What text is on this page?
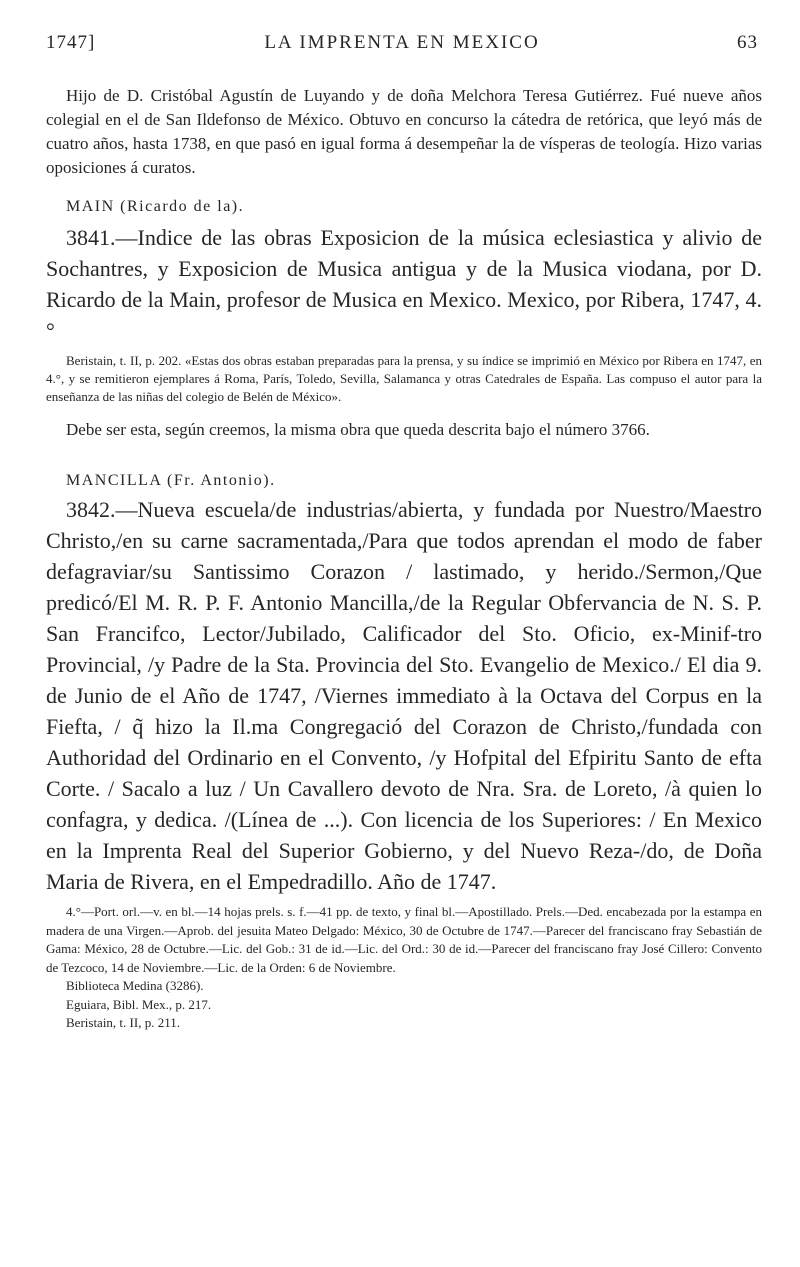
1747]	LA IMPRENTA EN MEXICO	63

Hijo de D. Cristóbal Agustín de Luyando y de doña Melchora Teresa Gutiérrez. Fué nueve años colegial en el de San Ildefonso de México. Obtuvo en concurso la cátedra de retórica, que leyó más de cuatro años, hasta 1738, en que pasó en igual forma á desempeñar la de vísperas de teología. Hizo varias oposiciones á curatos.

MAIN (Ricardo de la).

3841.—Indice de las obras Exposicion de la música eclesiastica y alivio de Sochantres, y Exposicion de Musica antigua y de la Musica viodana, por D. Ricardo de la Main, profesor de Musica en Mexico. Mexico, por Ribera, 1747, 4.°

Beristain, t. II, p. 202. «Estas dos obras estaban preparadas para la prensa, y su índice se imprimió en México por Ribera en 1747, en 4.°, y se remitieron ejemplares á Roma, París, Toledo, Sevilla, Salamanca y otras Catedrales de España. Las compuso el autor para la enseñanza de las niñas del colegio de Belén de México».

Debe ser esta, según creemos, la misma obra que queda descrita bajo el número 3766.

MANCILLA (Fr. Antonio).

3842.—Nueva escuela/de industrias/abierta, y fundada por Nuestro/Maestro Christo,/en su carne sacramentada,/Para que todos aprendan el modo de faber defagraviar/su Santissimo Corazon / lastimado, y herido./Sermon,/Que predicó/El M. R. P. F. Antonio Mancilla,/de la Regular Obfervancia de N. S. P. San Francifco, Lector/Jubilado, Calificador del Sto. Oficio, ex-Minif-tro Provincial, /y Padre de la Sta. Provincia del Sto. Evangelio de Mexico./ El dia 9. de Junio de el Año de 1747, /Viernes immediato à la Octava del Corpus en la Fiefta, / q̃ hizo la Il.ma Congregació del Corazon de Christo,/fundada con Authoridad del Ordinario en el Convento, /y Hofpital del Efpiritu Santo de efta Corte. / Sacalo a luz / Un Cavallero devoto de Nra. Sra. de Loreto, /à quien lo confagra, y dedica. /(Línea de ...). Con licencia de los Superiores: / En Mexico en la Imprenta Real del Superior Gobierno, y del Nuevo Reza-/do, de Doña Maria de Rivera, en el Empedradillo. Año de 1747.

4.°—Port. orl.—v. en bl.—14 hojas prels. s. f.—41 pp. de texto, y final bl.—Apostillado. Prels.—Ded. encabezada por la estampa en madera de una Virgen.—Aprob. del jesuita Mateo Delgado: México, 30 de Octubre de 1747.—Parecer del franciscano fray Sebastián de Gama: México, 28 de Octubre.—Lic. del Gob.: 31 de id.—Lic. del Ord.: 30 de id.—Parecer del franciscano fray José Cillero: Convento de Tezcoco, 14 de Noviembre.—Lic. de la Orden: 6 de Noviembre.

Biblioteca Medina (3286).

Eguiara, Bibl. Mex., p. 217.

Beristain, t. II, p. 211.
